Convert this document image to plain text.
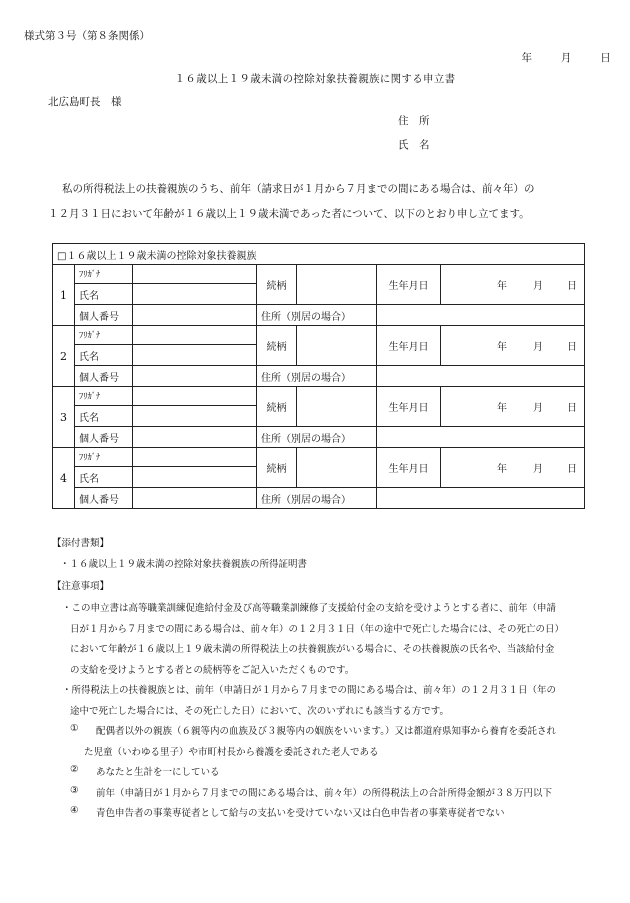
様式第３号（第８条関係）
年	月	日
１６歳以上１９歳未満の控除対象扶養親族に関する申立書
北広島町長　様
住　所
氏　名
私の所得税法上の扶養親族のうち、前年（請求日が１月から７月までの間にある場合は、前々年）の
１２月３１日において年齢が１６歳以上１９歳未満であった者について、以下のとおり申し立てます。
□１６歳以上１９歳未満の控除対象扶養親族						
1	ﾌﾘｶﾞﾅ		続柄		生年月日	年 月 日
	氏名					
	個人番号		住所（別居の場合）			
2	ﾌﾘｶﾞﾅ		続柄		生年月日	年 月 日
	氏名					
	個人番号		住所（別居の場合）			
3	ﾌﾘｶﾞﾅ		続柄		生年月日	年 月 日
	氏名					
	個人番号		住所（別居の場合）			
4	ﾌﾘｶﾞﾅ		続柄		生年月日	年 月 日
	氏名					
	個人番号		住所（別居の場合）			
【添付書類】
・１６歳以上１９歳未満の控除対象扶養親族の所得証明書
【注意事項】
・この申立書は高等職業訓練促進給付金及び高等職業訓練修了支援給付金の支給を受けようとする者に、前年（申請
日が１月から７月までの間にある場合は、前々年）の１２月３１日（年の途中で死亡した場合には、その死亡の日）
において年齢が１６歳以上１９歳未満の所得税法上の扶養親族がいる場合に、その扶養親族の氏名や、当該給付金
の支給を受けようとする者との続柄等をご記入いただくものです。
・所得税法上の扶養親族とは、前年（申請日が１月から７月までの間にある場合は、前々年）の１２月３１日（年の
途中で死亡した場合には、その死亡した日）において、次のいずれにも該当する方です。
① 配偶者以外の親族（６親等内の血族及び３親等内の姻族をいいます。）又は都道府県知事から養育を委託され
た児童（いわゆる里子）や市町村長から養護を委託された老人である
② あなたと生計を一にしている
③ 前年（申請日が１月から７月までの間にある場合は、前々年）の所得税法上の合計所得金額が３８万円以下
④ 青色申告者の事業専従者として給与の支払いを受けていない又は白色申告者の事業専従者でない
